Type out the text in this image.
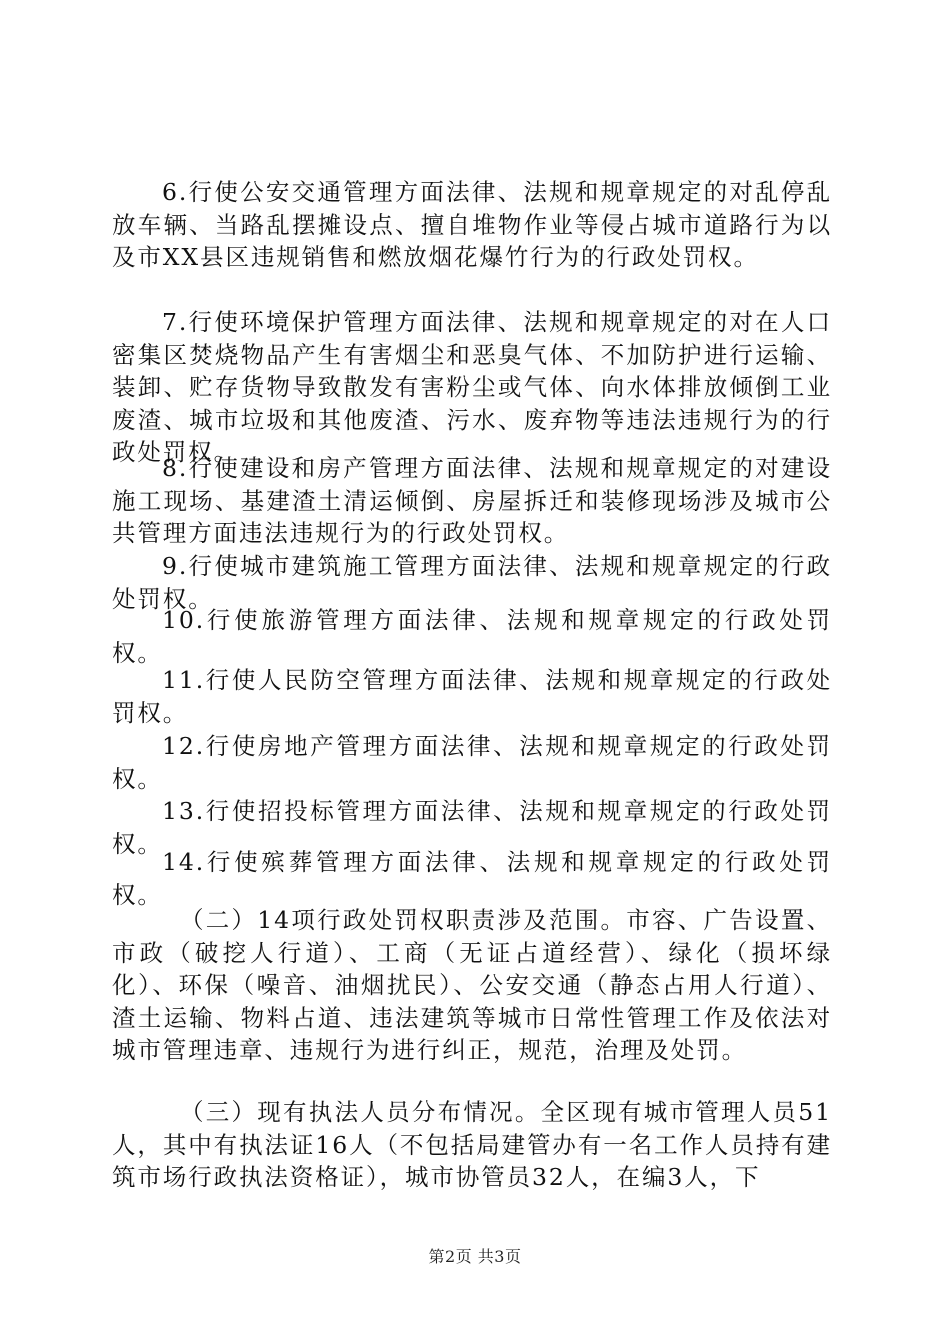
6.行使公安交通管理方面法律、法规和规章规定的对乱停乱放车辆、当路乱摆摊设点、擅自堆物作业等侵占城市道路行为以及市XX县区违规销售和燃放烟花爆竹行为的行政处罚权。

7.行使环境保护管理方面法律、法规和规章规定的对在人口密集区焚烧物品产生有害烟尘和恶臭气体、不加防护进行运输、装卸、贮存货物导致散发有害粉尘或气体、向水体排放倾倒工业废渣、城市垃圾和其他废渣、污水、废弃物等违法违规行为的行政处罚权。

8.行使建设和房产管理方面法律、法规和规章规定的对建设施工现场、基建渣土清运倾倒、房屋拆迁和装修现场涉及城市公共管理方面违法违规行为的行政处罚权。

9.行使城市建筑施工管理方面法律、法规和规章规定的行政处罚权。

10.行使旅游管理方面法律、法规和规章规定的行政处罚权。

11.行使人民防空管理方面法律、法规和规章规定的行政处罚权。

12.行使房地产管理方面法律、法规和规章规定的行政处罚权。

13.行使招投标管理方面法律、法规和规章规定的行政处罚权。

14.行使殡葬管理方面法律、法规和规章规定的行政处罚权。

（二）14项行政处罚权职责涉及范围。市容、广告设置、市政（破挖人行道）、工商（无证占道经营）、绿化（损坏绿化）、环保（噪音、油烟扰民）、公安交通（静态占用人行道）、渣土运输、物料占道、违法建筑等城市日常性管理工作及依法对城市管理违章、违规行为进行纠正，规范，治理及处罚。

（三）现有执法人员分布情况。全区现有城市管理人员51人，其中有执法证16人（不包括局建管办有一名工作人员持有建筑市场行政执法资格证），城市协管员32人，在编3人，下

第2页 共3页
